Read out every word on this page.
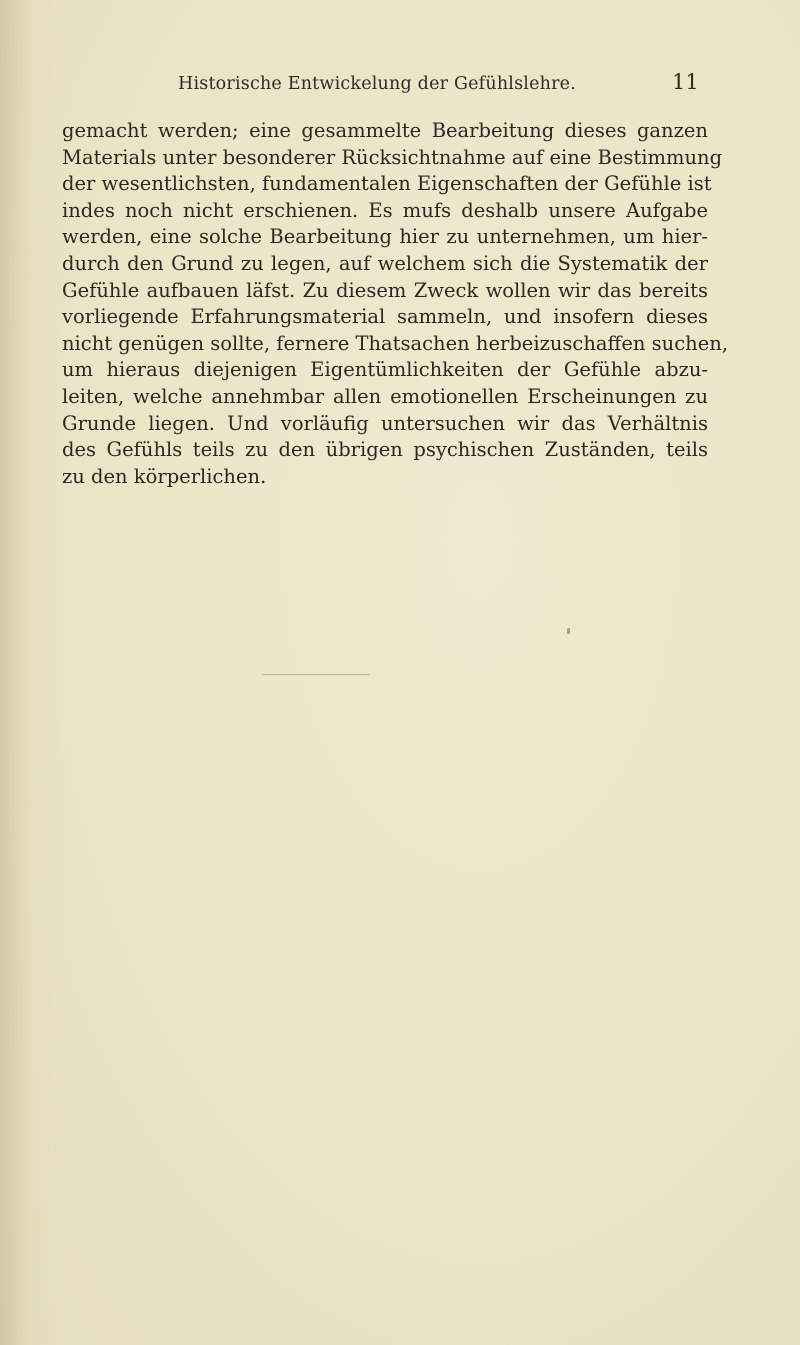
Historische Entwickelung der Gefühlslehre.	11
gemacht werden; eine gesammelte Bearbeitung dieses ganzen
Materials unter besonderer Rücksichtnahme auf eine Bestimmung
der wesentlichsten, fundamentalen Eigenschaften der Gefühle ist
indes noch nicht erschienen. Es mufs deshalb unsere Aufgabe
werden, eine solche Bearbeitung hier zu unternehmen, um hier-
durch den Grund zu legen, auf welchem sich die Systematik der
Gefühle aufbauen läfst. Zu diesem Zweck wollen wir das bereits
vorliegende Erfahrungsmaterial sammeln, und insofern dieses
nicht genügen sollte, fernere Thatsachen herbeizuschaffen suchen,
um hieraus diejenigen Eigentümlichkeiten der Gefühle abzu-
leiten, welche annehmbar allen emotionellen Erscheinungen zu
Grunde liegen. Und vorläufig untersuchen wir das Verhältnis
des Gefühls teils zu den übrigen psychischen Zuständen, teils
zu den körperlichen.
